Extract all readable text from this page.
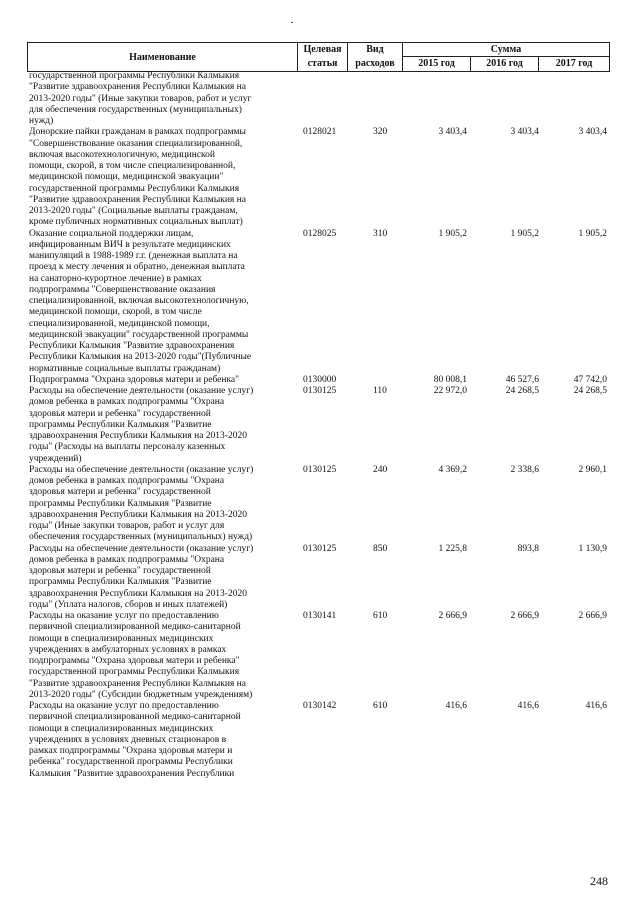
Наименование	Целевая	Вид	Сумма		
	статья	расходов	2015 год	2016 год	2017 год
государственной программы Республики Калмыкия
"Развитие здравоохранения Республики Калмыкия на
2013-2020 годы" (Иные закупки товаров, работ и услуг
для обеспечения государственных (муниципальных)
нужд)
Донорские пайки гражданам в рамках подпрограммы
"Совершенствование оказания специализированной,
включая высокотехнологичную, медицинской
помощи, скорой, в том числе специализированной,
медицинской помощи, медицинской эвакуации"
государственной программы Республики Калмыкия
"Развитие здравоохранения Республики Калмыкия на
2013-2020 годы" (Социальные выплаты гражданам,
кроме публичных нормативных социальных выплат)
0128021	320	3 403,4	3 403,4	3 403,4
Оказание социальной поддержки лицам,
инфицированным ВИЧ в результате медицинских
манипуляций в 1988-1989 г.г. (денежная выплата на
проезд к месту лечения и обратно, денежная выплата
на санаторно-курортное лечение) в рамках
подпрограммы "Совершенствование оказания
специализированной, включая высокотехнологичную,
медицинской помощи, скорой, в том числе
специализированной, медицинской помощи,
медицинской эвакуации" государственной программы
Республики Калмыкия "Развитие здравоохранения
Республики Калмыкия на 2013-2020 годы"(Публичные
нормативные социальные выплаты гражданам)
0128025	310	1 905,2	1 905,2	1 905,2
Подпрограмма "Охрана здоровья матери и ребенка"	0130000	80 008,1	46 527,6	47 742,0
Расходы на обеспечение деятельности (оказание услуг)
домов ребенка в рамках подпрограммы "Охрана
здоровья матери и ребенка" государственной
программы Республики Калмыкия "Развитие
здравоохранения Республики Калмыкия на 2013-2020
годы" (Расходы на выплаты персоналу казенных
учреждений)
0130125	110	22 972,0	24 268,5	24 268,5
Расходы на обеспечение деятельности (оказание услуг)
домов ребенка в рамках подпрограммы "Охрана
здоровья матери и ребенка" государственной
программы Республики Калмыкия "Развитие
здравоохранения Республики Калмыкия на 2013-2020
годы" (Иные закупки товаров, работ и услуг для
обеспечения государственных (муниципальных) нужд)
0130125	240	4 369,2	2 338,6	2 960,1
Расходы на обеспечение деятельности (оказание услуг)
домов ребенка в рамках подпрограммы "Охрана
здоровья матери и ребенка" государственной
программы Республики Калмыкия "Развитие
здравоохранения Республики Калмыкия на 2013-2020
годы" (Уплата налогов, сборов и иных платежей)
0130125	850	1 225,8	893,8	1 130,9
Расходы на оказание услуг по предоставлению
первичной специализированной медико-санитарной
помощи в специализированных медицинских
учреждениях в амбулаторных условиях в рамках
подпрограммы "Охрана здоровья матери и ребенка"
государственной программы Республики Калмыкия
"Развитие здравоохранения Республики Калмыкия на
2013-2020 годы" (Субсидии бюджетным учреждениям)
0130141	610	2 666,9	2 666,9	2 666,9
Расходы на оказание услуг по предоставлению
первичной специализированной медико-санитарной
помощи в специализированных медицинских
учреждениях в условиях дневных стационаров в
рамках подпрограммы "Охрана здоровья матери и
ребенка" государственной программы Республики
Калмыкия "Развитие здравоохранения Республики
0130142	610	416,6	416,6	416,6
248
